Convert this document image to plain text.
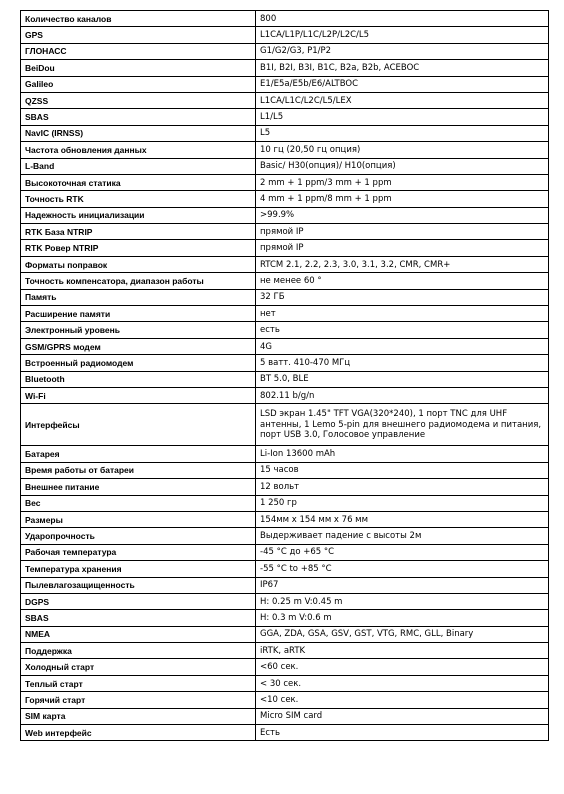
Количество каналов	800
GPS	L1CA/L1P/L1C/L2P/L2C/L5
ГЛОНАСС	G1/G2/G3, P1/P2
BeiDou	B1I, B2I, B3I, B1C, B2a, B2b, ACEBOC
Galileo	E1/E5a/E5b/E6/ALTBOC
QZSS	L1CA/L1C/L2C/L5/LEX
SBAS	L1/L5
NavIC (IRNSS)	L5
Частота обновления данных	10 гц (20,50 гц опция)
L-Band	Basic/ H30(опция)/ H10(опция)
Высокоточная статика	2 mm + 1 ppm/3 mm + 1 ppm
Точность RTK	4 mm + 1 ppm/8 mm + 1 ppm
Надежность инициализации	>99.9%
RTK База NTRIP	прямой IP
RTK Ровер NTRIP	прямой IP
Форматы поправок	RTCM 2.1, 2.2, 2.3, 3.0, 3.1, 3.2, CMR, CMR+
Точность компенсатора, диапазон работы	не менее 60 °
Память	32 ГБ
Расширение памяти	нет
Электронный уровень	есть
GSM/GPRS модем	4G
Встроенный радиомодем	5 ватт. 410-470 МГц
Bluetooth	BT 5.0, BLE
Wi-Fi	802.11 b/g/n
Интерфейсы	LSD экран 1.45" TFT VGA(320*240), 1 порт TNC для UHF антенны, 1 Lemo 5-pin для внешнего радиомодема и питания, порт USB 3.0, Голосовое управление
Батарея	Li-Ion 13600 mAh
Время работы от батареи	15 часов
Внешнее питание	12 вольт
Вес	1 250 гр
Размеры	154мм x 154 мм x 76 мм
Ударопрочность	Выдерживает падение с высоты 2м
Рабочая температура	-45 °C до +65 °C
Температура хранения	-55 °C to +85 °C
Пылевлагозащищенность	IP67
DGPS	H: 0.25 m V:0.45 m
SBAS	H: 0.3 m V:0.6 m
NMEA	GGA, ZDA, GSA, GSV, GST, VTG, RMC, GLL, Binary
Поддержка	iRTK, aRTK
Холодный старт	<60 сек.
Теплый старт	< 30 сек.
Горячий старт	<10 сек.
SIM карта	Micro SIM card
Web интерфейс	Есть
